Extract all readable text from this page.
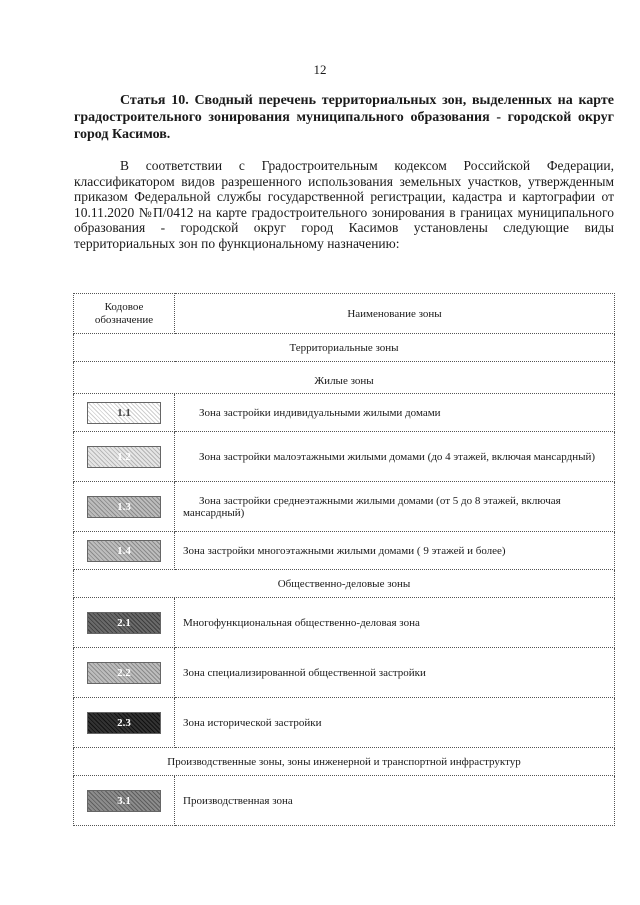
12

Статья 10. Сводный перечень территориальных зон, выделенных на карте градостроительного зонирования муниципального образования - городской округ город Касимов.

В соответствии с Градостроительным кодексом Российской Федерации, классификатором видов разрешенного использования земельных участков, утвержденным приказом Федеральной службы государственной регистрации, кадастра и картографии от 10.11.2020 №П/0412 на карте градостроительного зонирования в границах муниципального образования - городской округ город Касимов установлены следующие виды территориальных зон по функциональному назначению:

Кодовое обозначение	Наименование зоны
Территориальные зоны	
Жилые зоны	
1.1	Зона застройки индивидуальными жилыми домами
1.2	Зона застройки малоэтажными жилыми домами (до 4 этажей, включая мансардный)
1.3	Зона застройки среднеэтажными жилыми домами (от 5 до 8 этажей, включая мансардный)
1.4	Зона застройки многоэтажными жилыми домами ( 9 этажей и более)
Общественно-деловые зоны	
2.1	Многофункциональная общественно-деловая зона
2.2	Зона специализированной общественной застройки
2.3	Зона исторической застройки
Производственные зоны, зоны инженерной и транспортной инфраструктур	
3.1	Производственная зона
